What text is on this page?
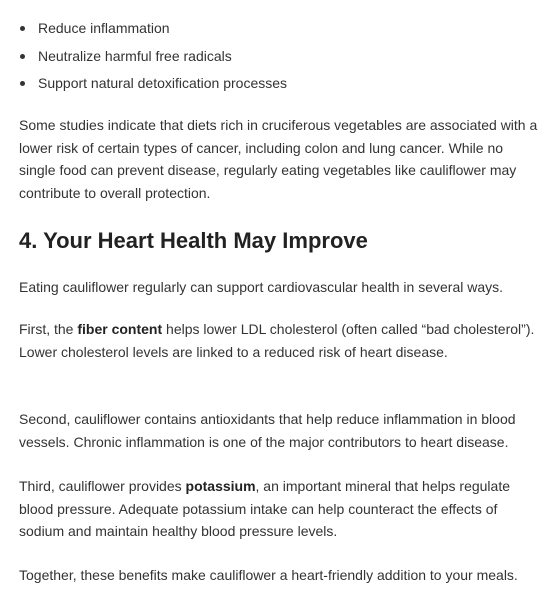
Reduce inflammation
Neutralize harmful free radicals
Support natural detoxification processes

Some studies indicate that diets rich in cruciferous vegetables are associated with a lower risk of certain types of cancer, including colon and lung cancer. While no single food can prevent disease, regularly eating vegetables like cauliflower may contribute to overall protection.

4. Your Heart Health May Improve

Eating cauliflower regularly can support cardiovascular health in several ways.

First, the fiber content helps lower LDL cholesterol (often called “bad cholesterol”). Lower cholesterol levels are linked to a reduced risk of heart disease.

Second, cauliflower contains antioxidants that help reduce inflammation in blood vessels. Chronic inflammation is one of the major contributors to heart disease.

Third, cauliflower provides potassium, an important mineral that helps regulate blood pressure. Adequate potassium intake can help counteract the effects of sodium and maintain healthy blood pressure levels.

Together, these benefits make cauliflower a heart-friendly addition to your meals.
